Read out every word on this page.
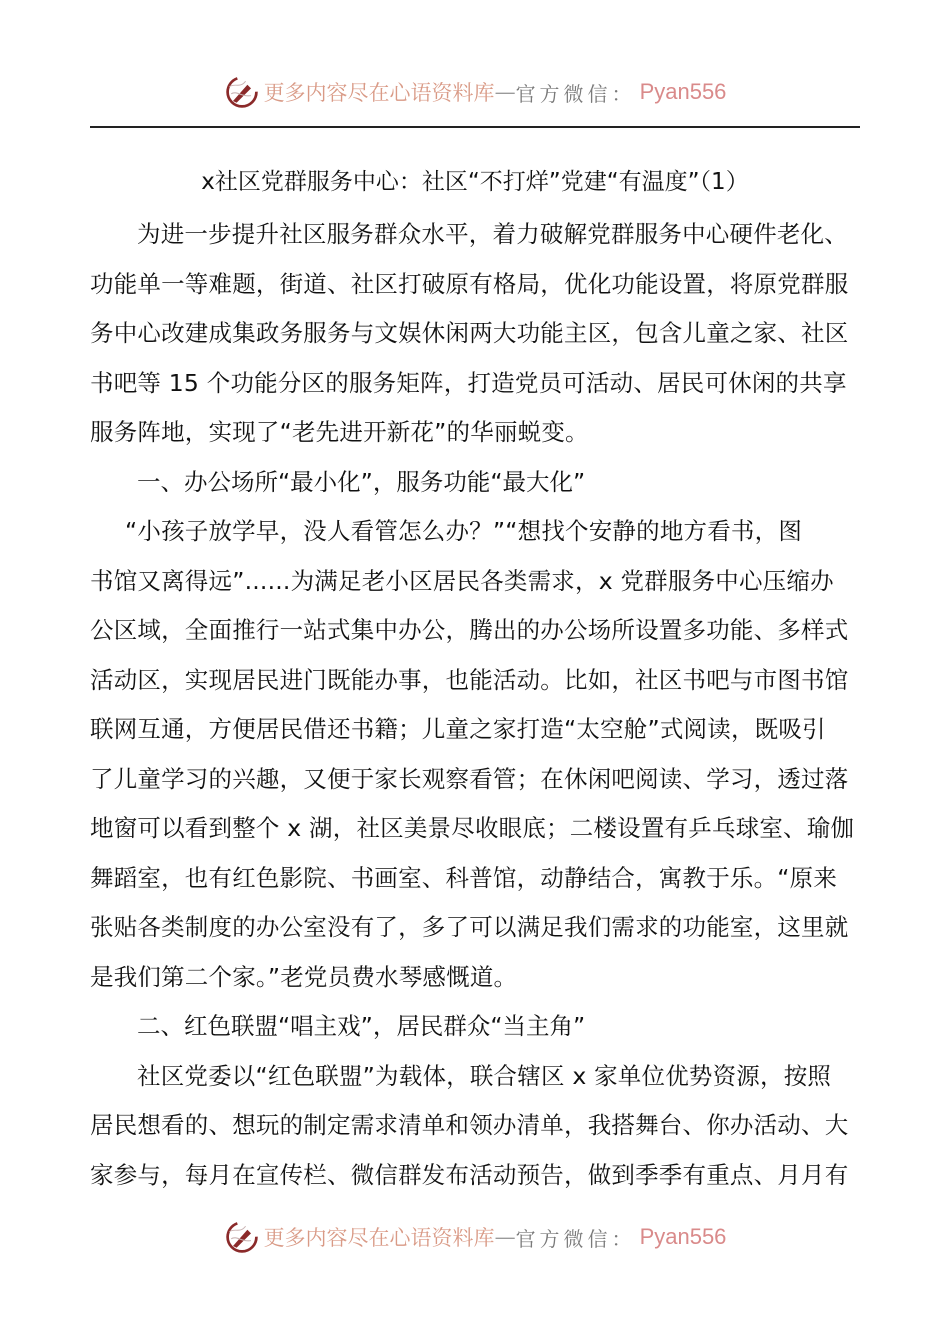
更多内容尽在心语资料库 — 官方微信： Pyan556
x社区党群服务中心：社区“不打烊”党建“有温度”（1）
为进一步提升社区服务群众水平，着力破解党群服务中心硬件老化、
功能单一等难题，街道、社区打破原有格局，优化功能设置，将原党群服
务中心改建成集政务服务与文娱休闲两大功能主区，包含儿童之家、社区
书吧等 15 个功能分区的服务矩阵，打造党员可活动、居民可休闲的共享
服务阵地，实现了“老先进开新花”的华丽蜕变。
一、办公场所“最小化”，服务功能“最大化”
“小孩子放学早，没人看管怎么办？”“想找个安静的地方看书，图
书馆又离得远”......为满足老小区居民各类需求，x 党群服务中心压缩办
公区域，全面推行一站式集中办公，腾出的办公场所设置多功能、多样式
活动区，实现居民进门既能办事，也能活动。比如，社区书吧与市图书馆
联网互通，方便居民借还书籍；儿童之家打造“太空舱”式阅读，既吸引
了儿童学习的兴趣，又便于家长观察看管；在休闲吧阅读、学习，透过落
地窗可以看到整个 x 湖，社区美景尽收眼底；二楼设置有乒乓球室、瑜伽
舞蹈室，也有红色影院、书画室、科普馆，动静结合，寓教于乐。“原来
张贴各类制度的办公室没有了，多了可以满足我们需求的功能室，这里就
是我们第二个家。”老党员费水琴感慨道。
二、红色联盟“唱主戏”，居民群众“当主角”
社区党委以“红色联盟”为载体，联合辖区 x 家单位优势资源，按照
居民想看的、想玩的制定需求清单和领办清单，我搭舞台、你办活动、大
家参与，每月在宣传栏、微信群发布活动预告，做到季季有重点、月月有
更多内容尽在心语资料库 — 官方微信： Pyan556
